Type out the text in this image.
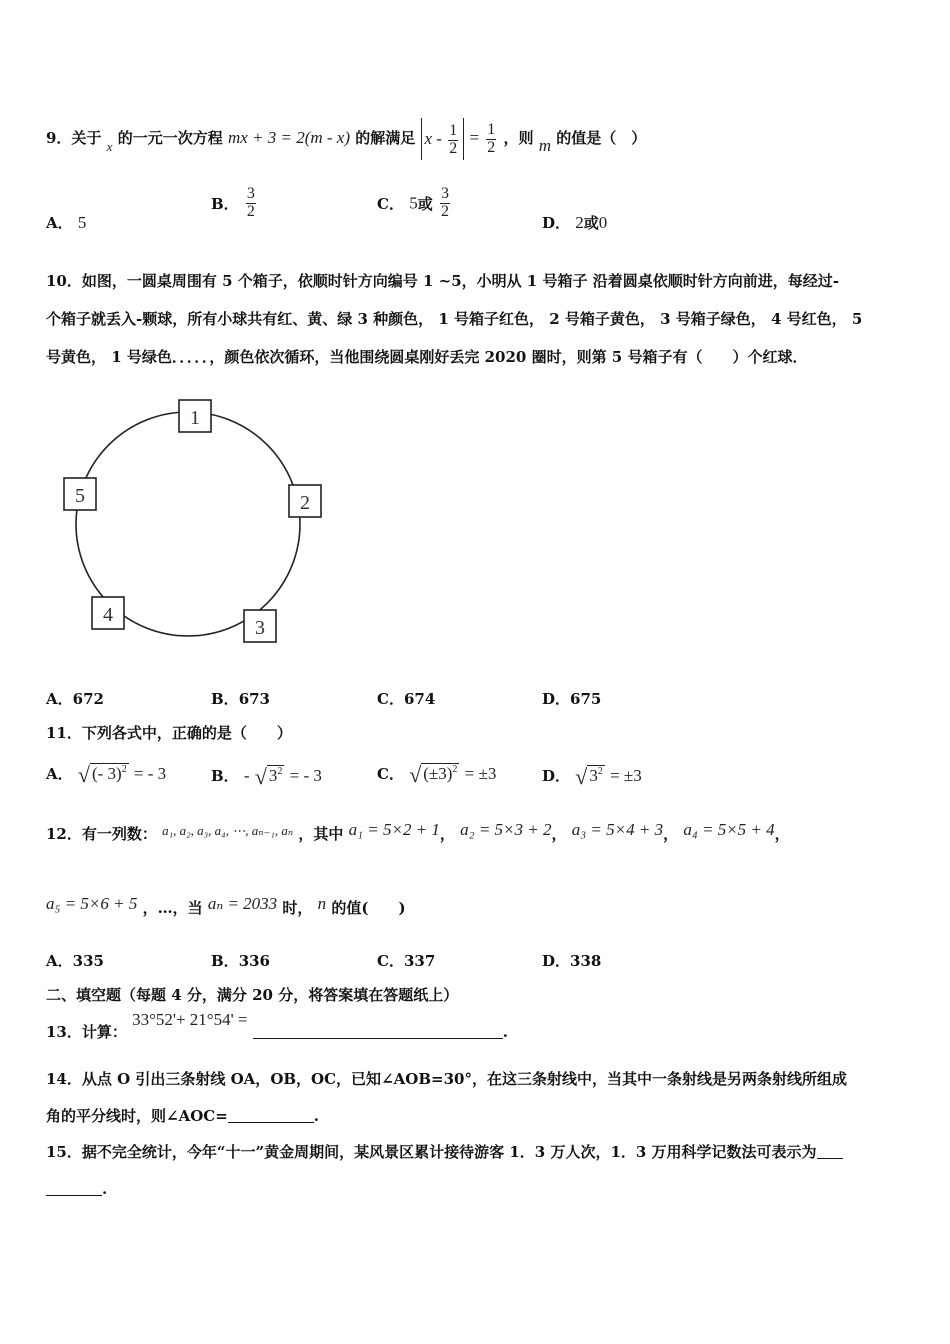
9．关于 x 的一元一次方程 mx + 3 = 2(m - x) 的解满足 $x - \frac{1}{2} = \frac{1}{2}$ ，则 m 的值是（　）
A． 5
B． $\frac{3}{2}$	C． 5或 $\frac{3}{2}$
D． 2或0
10．如图，一圆桌周围有 5 个箱子，依顺时针方向编号 1 ~5，小明从 1 号箱子 沿着圆桌依顺时针方向前进，每经过-
个箱子就丢入-颗球，所有小球共有红、黄、绿 3 种颜色， 1 号箱子红色， 2 号箱子黄色， 3 号箱子绿色， 4 号红色， 5
号黄色， 1 号绿色．．．．．，颜色依次循环，当他围绕圆桌刚好丢完 2020 圈时，则第 5 号箱子有（　　）个红球．
1
2
3
4
5
A．672	B．673	C．674	D．675
11．下列各式中，正确的是（　　）
A． √ (- 3)$^2$ = - 3	B． - √ $3^2$ = - 3	C． √ $(\pm 3)^2 = \pm 3$	D． √ $3^2 = \pm 3$
12．有一列数： a₁, a₂, a₃, a₄, ⋯, aₙ₋₁, aₙ ，其中 a₁ = 5×2 + 1， a₂ = 5×3 + 2， a₃ = 5×4 + 3， a₄ = 5×5 + 4，
a₅ = 5×6 + 5 ，…，当 aₙ = 2033 时， n 的值(　　)
A．335	B．336	C．337	D．338
二、填空题（每题 4 分，满分 20 分，将答案填在答题纸上）
13．计算： 33°52'+ 21°54' = .
14．从点 O 引出三条射线 OA，OB，OC，已知∠AOB=30°，在这三条射线中，当其中一条射线是另两条射线所组成
角的平分线时，则∠AOC=	.
15．据不完全统计，今年“十一”黄金周期间，某风景区累计接待游客 1．3 万人次，1．3 万用科学记数法可表示为
.
